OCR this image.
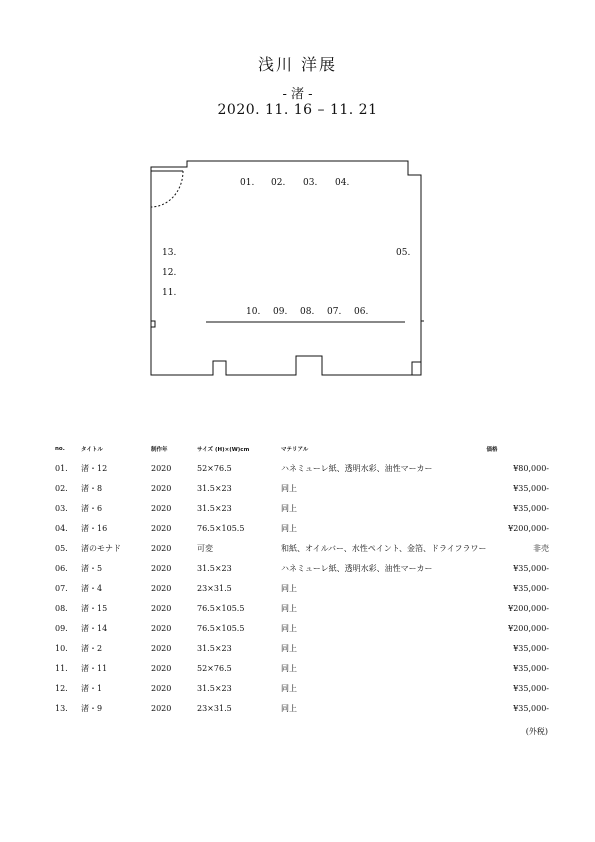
浅川 洋展
- 渚 -
2020. 11. 16 – 11. 21
01. 02. 03. 04.
05.
13.
12.
11.
10. 09. 08. 07. 06.
no.	タイトル	制作年	サイズ (H)×(W)cm	マテリアル	価格
01.	渚・12	2020	52×76.5	ハネミューレ紙、透明水彩、油性マーカー	¥80,000-
02.	渚・8	2020	31.5×23	同上	¥35,000-
03.	渚・6	2020	31.5×23	同上	¥35,000-
04.	渚・16	2020	76.5×105.5	同上	¥200,000-
05.	渚のモナド	2020	可変	和紙、オイルバー、水性ペイント、金箔、ドライフラワー	非売
06.	渚・5	2020	31.5×23	ハネミューレ紙、透明水彩、油性マーカー	¥35,000-
07.	渚・4	2020	23×31.5	同上	¥35,000-
08.	渚・15	2020	76.5×105.5	同上	¥200,000-
09.	渚・14	2020	76.5×105.5	同上	¥200,000-
10.	渚・2	2020	31.5×23	同上	¥35,000-
11.	渚・11	2020	52×76.5	同上	¥35,000-
12.	渚・1	2020	31.5×23	同上	¥35,000-
13.	渚・9	2020	23×31.5	同上	¥35,000-
(外税)
